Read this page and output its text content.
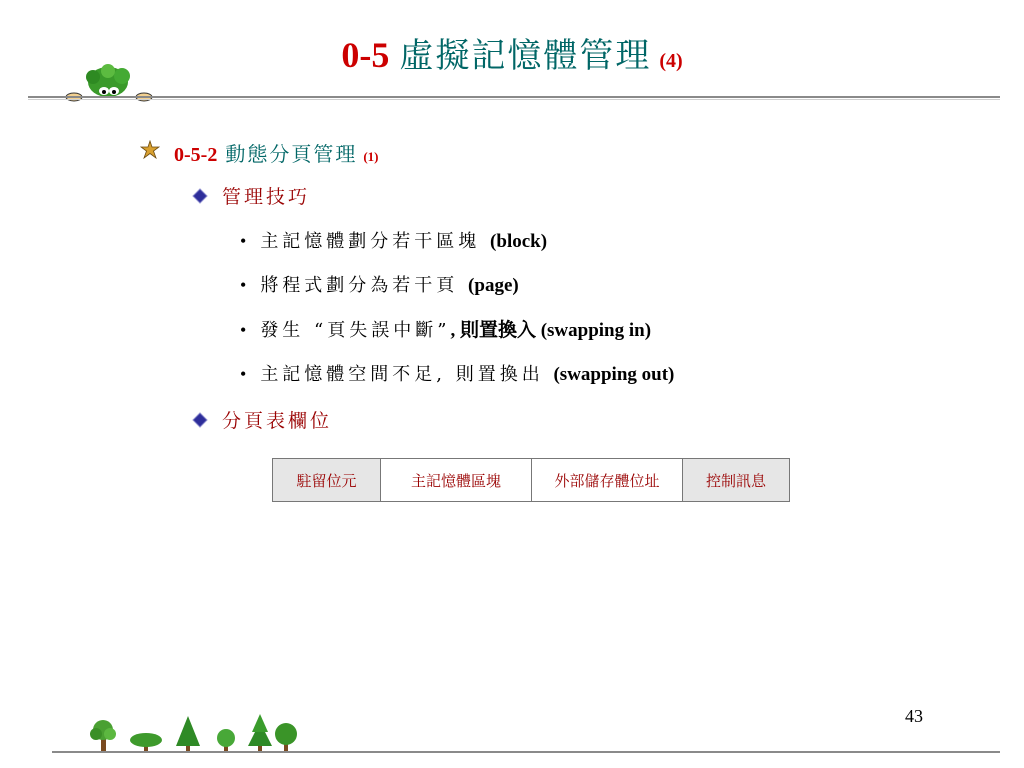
0-5 虛擬記憶體管理 (4)
0-5-2 動態分頁管理 (1)
管理技巧
• 主記憶體劃分若干區塊 (block)
• 將程式劃分為若干頁 (page)
• 發生 “頁失誤中斷”, 則置換入 (swapping in)
• 主記憶體空間不足, 則置換出 (swapping out)
分頁表欄位
駐留位元	主記憶體區塊	外部儲存體位址	控制訊息
43
